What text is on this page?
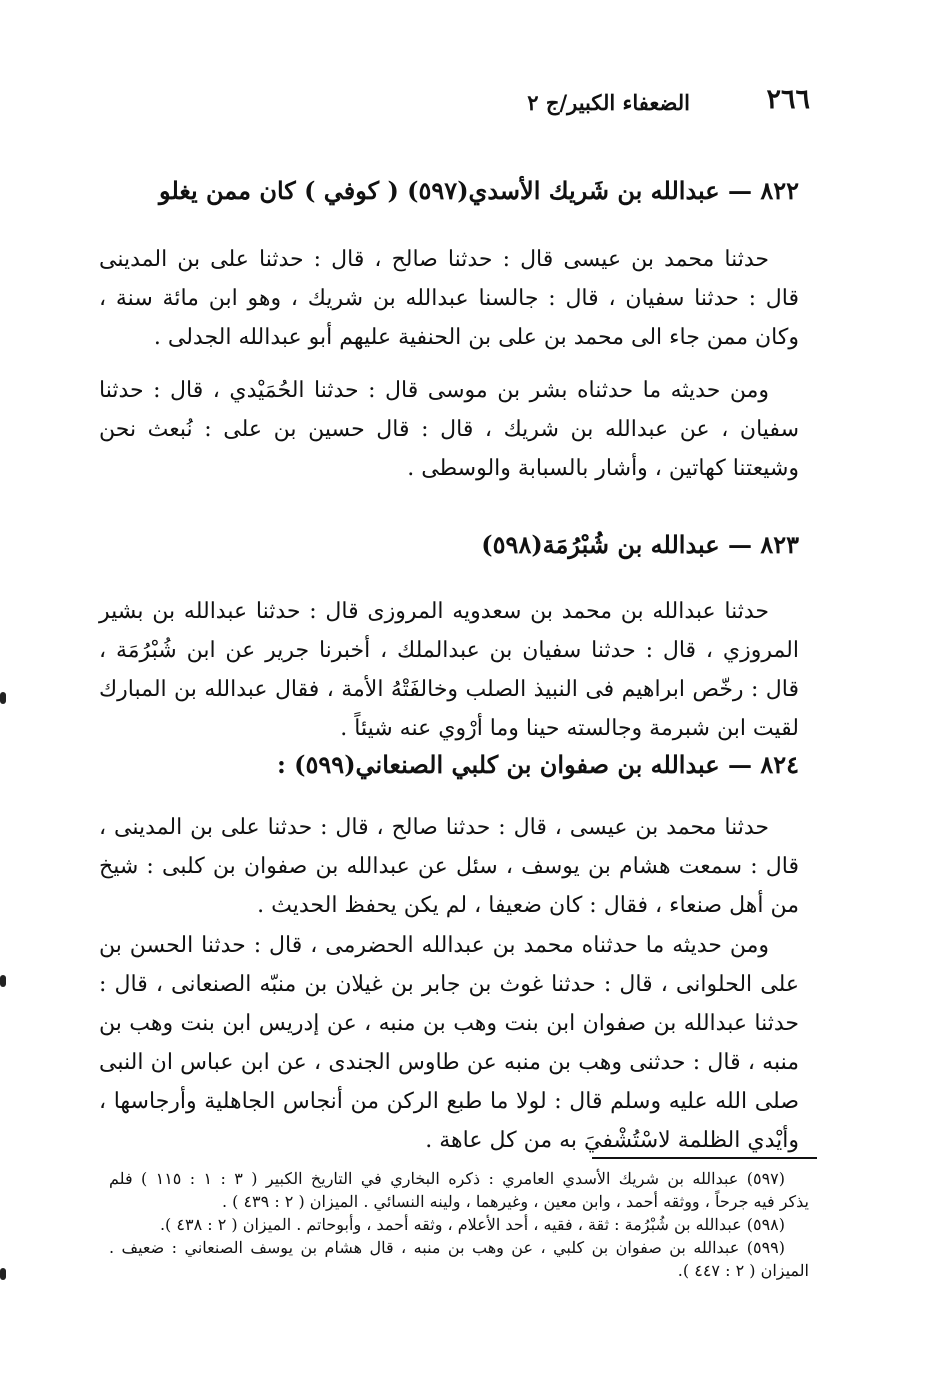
٢٦٦
الضعفاء الكبير/ج ٢
٨٢٢ — عبدالله بن شَريك الأسدي(٥٩٧) ( كوفي ) كان ممن يغلو
حدثنا محمد بن عيسى قال : حدثنا صالح ، قال : حدثنا على بن المدينى
قال : حدثنا سفيان ، قال : جالسنا عبدالله بن شريك ، وهو ابن مائة سنة ،
وكان ممن جاء الى محمد بن على بن الحنفية عليهم أبو عبدالله الجدلى .
ومن حديثه ما حدثناه بشر بن موسى قال : حدثنا الحُمَيْدي ، قال : حدثنا
سفيان ، عن عبدالله بن شريك ، قال : قال حسين بن على : نُبعث نحن
وشيعتنا كهاتين ، وأشار بالسبابة والوسطى .
٨٢٣ — عبدالله بن شُبْرُمَة(٥٩٨)
حدثنا عبدالله بن محمد بن سعدويه المروزى قال : حدثنا عبدالله بن بشير
المروزي ، قال : حدثنا سفيان بن عبدالملك ، أخبرنا جرير عن ابن شُبْرُمَة ،
قال : رخّص ابراهيم فى النبيذ الصلب وخالفَتْهُ الأمة ، فقال عبدالله بن المبارك
لقيت ابن شبرمة وجالسته حينا وما أرْوي عنه شيئاً .
٨٢٤ — عبدالله بن صفوان بن كلبي الصنعاني(٥٩٩) :
حدثنا محمد بن عيسى ، قال : حدثنا صالح ، قال : حدثنا على بن المدينى ،
قال : سمعت هشام بن يوسف ، سئل عن عبدالله بن صفوان بن كلبى : شيخ
من أهل صنعاء ، فقال : كان ضعيفا ، لم يكن يحفظ الحديث .
ومن حديثه ما حدثناه محمد بن عبدالله الحضرمى ، قال : حدثنا الحسن بن
على الحلوانى ، قال : حدثنا غوث بن جابر بن غيلان بن منبّه الصنعانى ، قال :
حدثنا عبدالله بن صفوان ابن بنت وهب بن منبه ، عن إدريس ابن بنت وهب بن
منبه ، قال : حدثنى وهب بن منبه عن طاوس الجندى ، عن ابن عباس ان النبى
صلى الله عليه وسلم قال : لولا ما طبع الركن من أنجاس الجاهلية وأرجاسها ،
وأيْدي الظلمة لاسْتُشْفيَ به من كل عاهة .
(٥٩٧) عبدالله بن شريك الأسدي العامري : ذكره البخاري في التاريخ الكبير ( ٣ : ١ : ١١٥ ) فلم
يذكر فيه جرحاً ، ووثقه أحمد ، وابن معين ، وغيرهما ، ولينه النسائي . الميزان ( ٢ : ٤٣٩ ) .
(٥٩٨) عبدالله بن شُبْرُمة : ثقة ، فقيه ، أحد الأعلام ، وثقه أحمد ، وأبوحاتم . الميزان ( ٢ : ٤٣٨ ).
(٥٩٩) عبدالله بن صفوان بن كلبي ، عن وهب بن منبه ، قال هشام بن يوسف الصنعاني : ضعيف .
الميزان ( ٢ : ٤٤٧ ).
